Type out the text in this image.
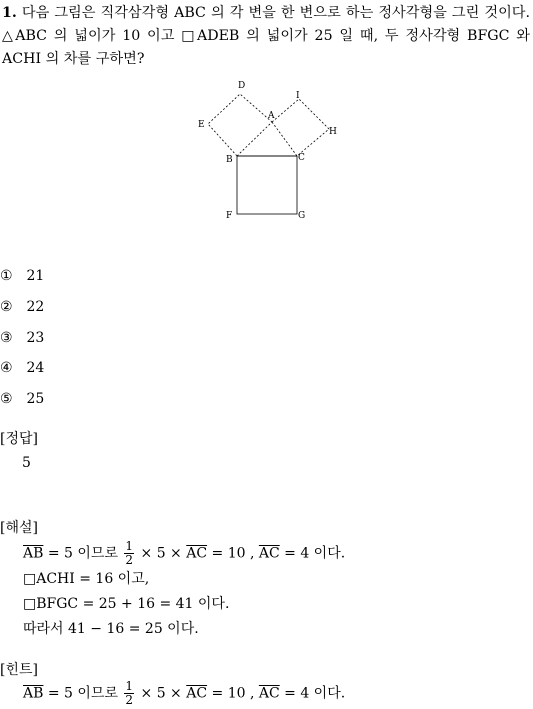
1. 다음 그림은 직각삼각형 ABC 의 각 변을 한 변으로 하는 정사각형을 그린 것이다. △ABC 의 넓이가 10 이고 □ADEB 의 넓이가 25 일 때, 두 정사각형 BFGC 와 ACHI 의 차를 구하면?
D
E
A
I
H
B	C
F	G
① 21
② 22
③ 23
④ 24
⑤ 25
[정답]
5
[해설]
$\overline{AB} = 5$ 이므로 $\frac{1}{2} \times 5 \times \overline{AC} = 10$ , $\overline{AC} = 4$ 이다.
□ACHI = 16 이고,
□BFGC = 25 + 16 = 41 이다.
따라서 41 − 16 = 25 이다.
[힌트]
$\overline{AB} = 5$ 이므로 $\frac{1}{2} \times 5 \times \overline{AC} = 10$ , $\overline{AC} = 4$ 이다.
